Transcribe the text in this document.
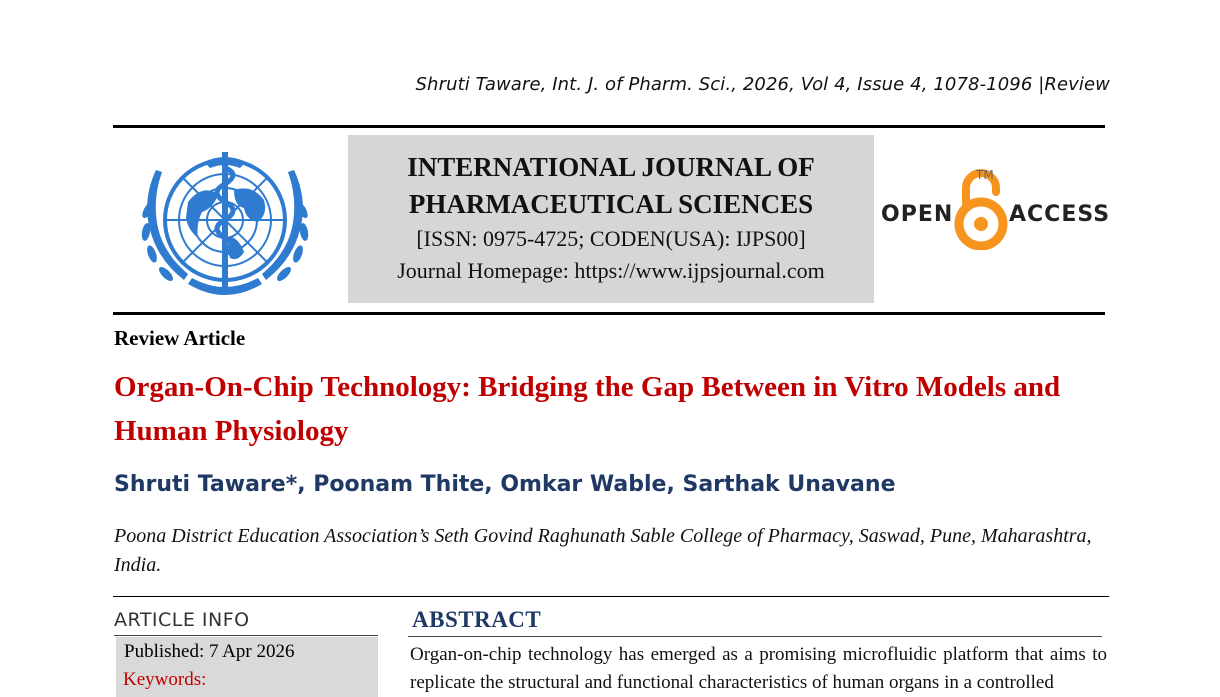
Shruti Taware, Int. J. of Pharm. Sci., 2026, Vol 4, Issue 4, 1078-1096 |Review
INTERNATIONAL JOURNAL OF
PHARMACEUTICAL SCIENCES
[ISSN: 0975-4725; CODEN(USA): IJPS00]
Journal Homepage: https://www.ijpsjournal.com
OPEN
TM
ACCESS
Review Article
Organ-On-Chip Technology: Bridging the Gap Between in Vitro Models and Human Physiology
Shruti Taware*, Poonam Thite, Omkar Wable, Sarthak Unavane
Poona District Education Association’s Seth Govind Raghunath Sable College of Pharmacy, Saswad, Pune, Maharashtra, India.
ARTICLE INFO
Published: 7 Apr 2026
Keywords:
ABSTRACT
Organ-on-chip technology has emerged as a promising microfluidic platform that aims to replicate the structural and functional characteristics of human organs in a controlled
